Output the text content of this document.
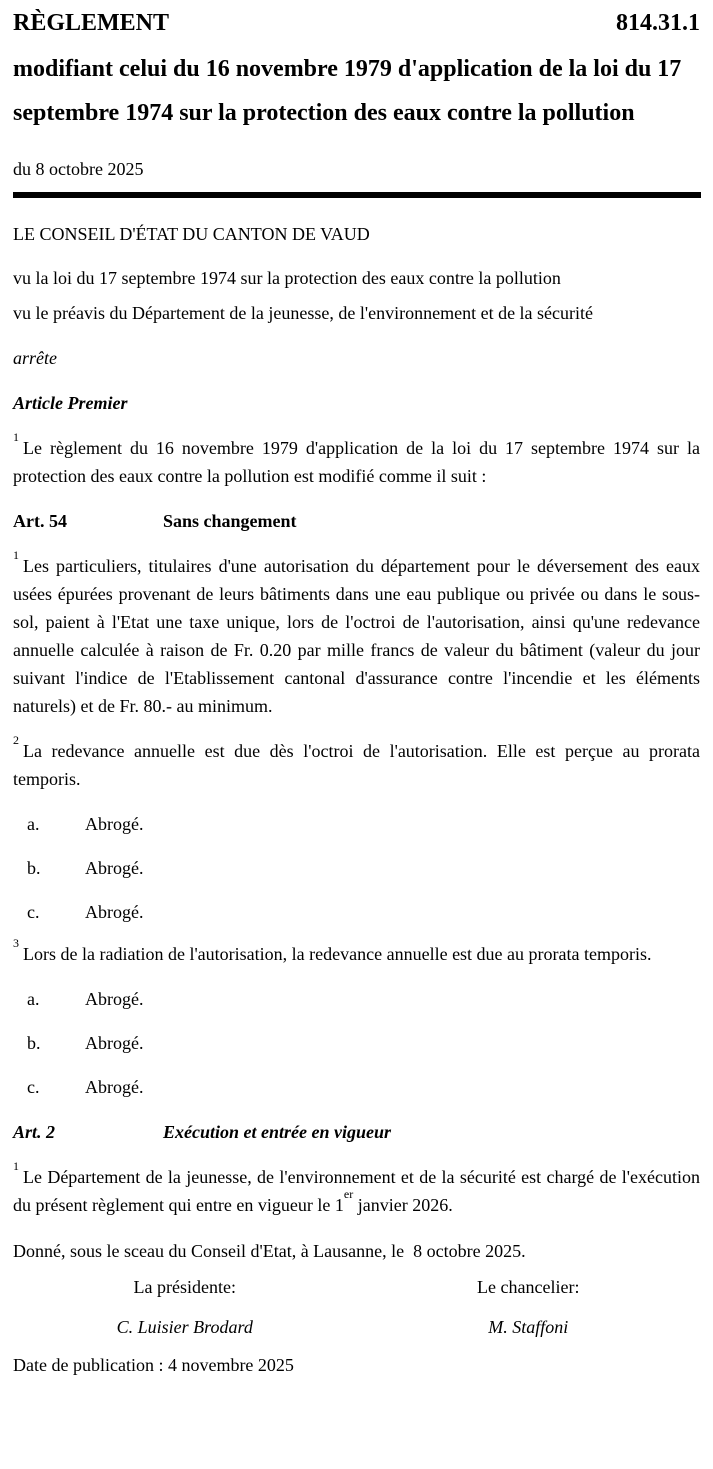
RÈGLEMENT	814.31.1
modifiant celui du 16 novembre 1979 d'application de la loi du 17 septembre 1974 sur la protection des eaux contre la pollution
du 8 octobre 2025
LE CONSEIL D'ÉTAT DU CANTON DE VAUD

vu la loi du 17 septembre 1974 sur la protection des eaux contre la pollution

vu le préavis du Département de la jeunesse, de l'environnement et de la sécurité

arrête
Article Premier

$^1$Le règlement du 16 novembre 1979 d'application de la loi du 17 septembre 1974 sur la protection des eaux contre la pollution est modifié comme il suit :

Art. 54	Sans changement

$^1$Les particuliers, titulaires d'une autorisation du département pour le déversement des eaux usées épurées provenant de leurs bâtiments dans une eau publique ou privée ou dans le sous-sol, paient à l'Etat une taxe unique, lors de l'octroi de l'autorisation, ainsi qu'une redevance annuelle calculée à raison de Fr. 0.20 par mille francs de valeur du bâtiment (valeur du jour suivant l'indice de l'Etablissement cantonal d'assurance contre l'incendie et les éléments naturels) et de Fr. 80.- au minimum.

$^2$La redevance annuelle est due dès l'octroi de l'autorisation. Elle est perçue au prorata temporis.

a.	Abrogé.
b.	Abrogé.
c.	Abrogé.

$^3$Lors de la radiation de l'autorisation, la redevance annuelle est due au prorata temporis.

a.	Abrogé.
b.	Abrogé.
c.	Abrogé.
Art. 2	Exécution et entrée en vigueur

$^1$Le Département de la jeunesse, de l'environnement et de la sécurité est chargé de l'exécution du présent règlement qui entre en vigueur le 1er janvier 2026.

Donné, sous le sceau du Conseil d'Etat, à Lausanne, le  8 octobre 2025.
La présidente:
C. Luisier Brodard
Le chancelier:
M. Staffoni
Date de publication : 4 novembre 2025
